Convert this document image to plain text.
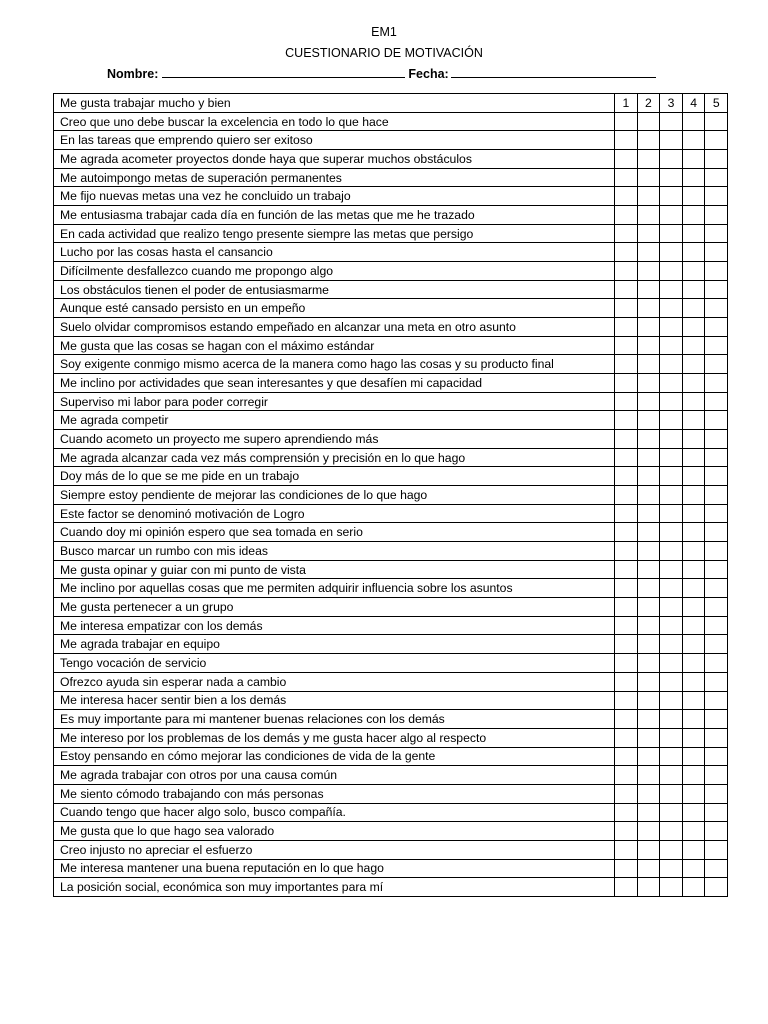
EM1
CUESTIONARIO DE MOTIVACIÓN
Nombre:	Fecha:
Me gusta trabajar mucho y bien	1	2	3	4	5
Creo que uno debe buscar la excelencia en todo lo que hace					
En las tareas que emprendo quiero ser exitoso					
Me agrada acometer proyectos donde haya que superar muchos obstáculos					
Me autoimpongo metas de superación permanentes					
Me fijo nuevas metas una vez he concluido un trabajo					
Me entusiasma trabajar cada día en función de las metas que me he trazado					
En cada actividad que realizo tengo presente siempre las metas que persigo					
Lucho por las cosas hasta el cansancio					
Difícilmente desfallezco cuando me propongo algo					
Los obstáculos tienen el poder de entusiasmarme					
Aunque esté cansado persisto en un empeño					
Suelo olvidar compromisos estando empeñado en alcanzar una meta en otro asunto					
Me gusta que las cosas se hagan con el máximo estándar					
Soy exigente conmigo mismo acerca de la manera como hago las cosas y su producto final					
Me inclino por actividades que sean interesantes y que desafíen mi capacidad					
Superviso mi labor para poder corregir					
Me agrada competir					
Cuando acometo un proyecto me supero aprendiendo más					
Me agrada alcanzar cada vez más comprensión y precisión en lo que hago					
Doy más de lo que se me pide en un trabajo					
Siempre estoy pendiente de mejorar las condiciones de lo que hago					
Este factor se denominó motivación de Logro					
Cuando doy mi opinión espero que sea tomada en serio					
Busco marcar un rumbo con mis ideas					
Me gusta opinar y guiar con mi punto de vista					
Me inclino por aquellas cosas que me permiten adquirir influencia sobre los asuntos					
Me gusta pertenecer a un grupo					
Me interesa empatizar con los demás					
Me agrada trabajar en equipo					
Tengo vocación de servicio					
Ofrezco ayuda sin esperar nada a cambio					
Me interesa hacer sentir bien a los demás					
Es muy importante para mi mantener buenas relaciones con los demás					
Me intereso por los problemas de los demás y me gusta hacer algo al respecto					
Estoy pensando en cómo mejorar las condiciones de vida de la gente					
Me agrada trabajar con otros por una causa común					
Me siento cómodo trabajando con más personas					
Cuando tengo que hacer algo solo, busco compañía.					
Me gusta que lo que hago sea valorado					
Creo injusto no apreciar el esfuerzo					
Me interesa mantener una buena reputación en lo que hago					
La posición social, económica son muy importantes para mí					
